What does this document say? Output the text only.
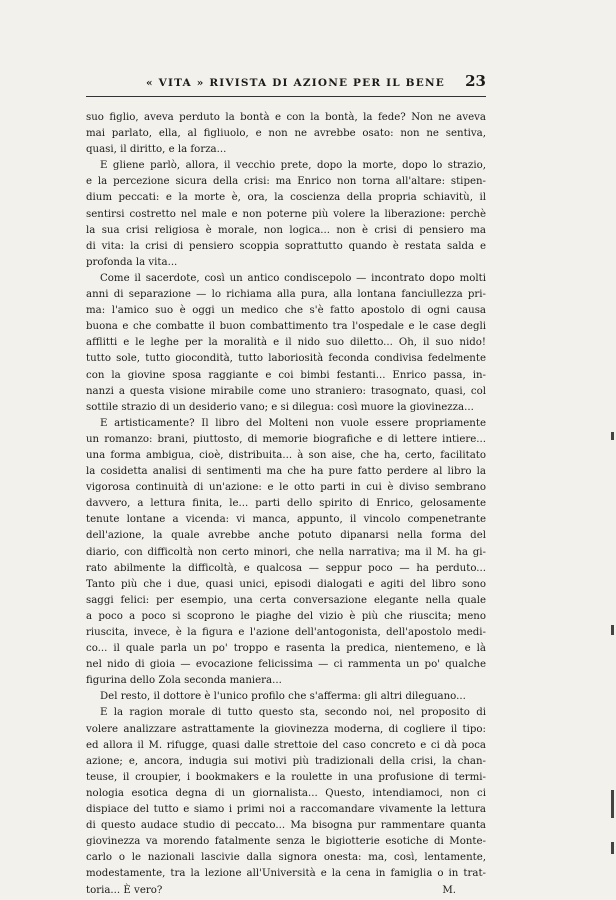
« VITA » RIVISTA DI AZIONE PER IL BENE 23
suo figlio, aveva perduto la bontà e con la bontà, la fede? Non ne aveva
mai parlato, ella, al figliuolo, e non ne avrebbe osato: non ne sentiva,
quasi, il diritto, e la forza...
E gliene parlò, allora, il vecchio prete, dopo la morte, dopo lo strazio,
e la percezione sicura della crisi: ma Enrico non torna all'altare: stipen-
dium peccati: e la morte è, ora, la coscienza della propria schiavitù, il
sentirsi costretto nel male e non poterne più volere la liberazione: perchè
la sua crisi religiosa è morale, non logica... non è crisi di pensiero ma
di vita: la crisi di pensiero scoppia soprattutto quando è restata salda e
profonda la vita...
Come il sacerdote, così un antico condiscepolo — incontrato dopo molti
anni di separazione — lo richiama alla pura, alla lontana fanciullezza pri-
ma: l'amico suo è oggi un medico che s'è fatto apostolo di ogni causa
buona e che combatte il buon combattimento tra l'ospedale e le case degli
afflitti e le leghe per la moralità e il nido suo diletto... Oh, il suo nido!
tutto sole, tutto giocondità, tutto laboriosità feconda condivisa fedelmente
con la giovine sposa raggiante e coi bimbi festanti... Enrico passa, in-
nanzi a questa visione mirabile come uno straniero: trasognato, quasi, col
sottile strazio di un desiderio vano; e si dilegua: così muore la giovinezza...
E artisticamente? Il libro del Molteni non vuole essere propriamente
un romanzo: brani, piuttosto, di memorie biografiche e di lettere intiere...
una forma ambigua, cioè, distribuita... à son aise, che ha, certo, facilitato
la cosidetta analisi di sentimenti ma che ha pure fatto perdere al libro la
vigorosa continuità di un'azione: e le otto parti in cui è diviso sembrano
davvero, a lettura finita, le... parti dello spirito di Enrico, gelosamente
tenute lontane a vicenda: vi manca, appunto, il vincolo compenetrante
dell'azione, la quale avrebbe anche potuto dipanarsi nella forma del
diario, con difficoltà non certo minori, che nella narrativa; ma il M. ha gi-
rato abilmente la difficoltà, e qualcosa — seppur poco — ha perduto...
Tanto più che i due, quasi unici, episodi dialogati e agiti del libro sono
saggi felici: per esempio, una certa conversazione elegante nella quale
a poco a poco si scoprono le piaghe del vizio è più che riuscita; meno
riuscita, invece, è la figura e l'azione dell'antogonista, dell'apostolo medi-
co... il quale parla un po' troppo e rasenta la predica, nientemeno, e là
nel nido di gioia — evocazione felicissima — ci rammenta un po' qualche
figurina dello Zola seconda maniera...
Del resto, il dottore è l'unico profilo che s'afferma: gli altri dileguano...
E la ragion morale di tutto questo sta, secondo noi, nel proposito di
volere analizzare astrattamente la giovinezza moderna, di cogliere il tipo:
ed allora il M. rifugge, quasi dalle strettoie del caso concreto e ci dà poca
azione; e, ancora, indugia sui motivi più tradizionali della crisi, la chan-
teuse, il croupier, i bookmakers e la roulette in una profusione di termi-
nologia esotica degna di un giornalista... Questo, intendiamoci, non ci
dispiace del tutto e siamo i primi noi a raccomandare vivamente la lettura
di questo audace studio di peccato... Ma bisogna pur rammentare quanta
giovinezza va morendo fatalmente senza le bigiotterie esotiche di Monte-
carlo o le nazionali lascivie dalla signora onesta: ma, così, lentamente,
modestamente, tra la lezione all'Università e la cena in famiglia o in trat-
toria... È vero?	M.
